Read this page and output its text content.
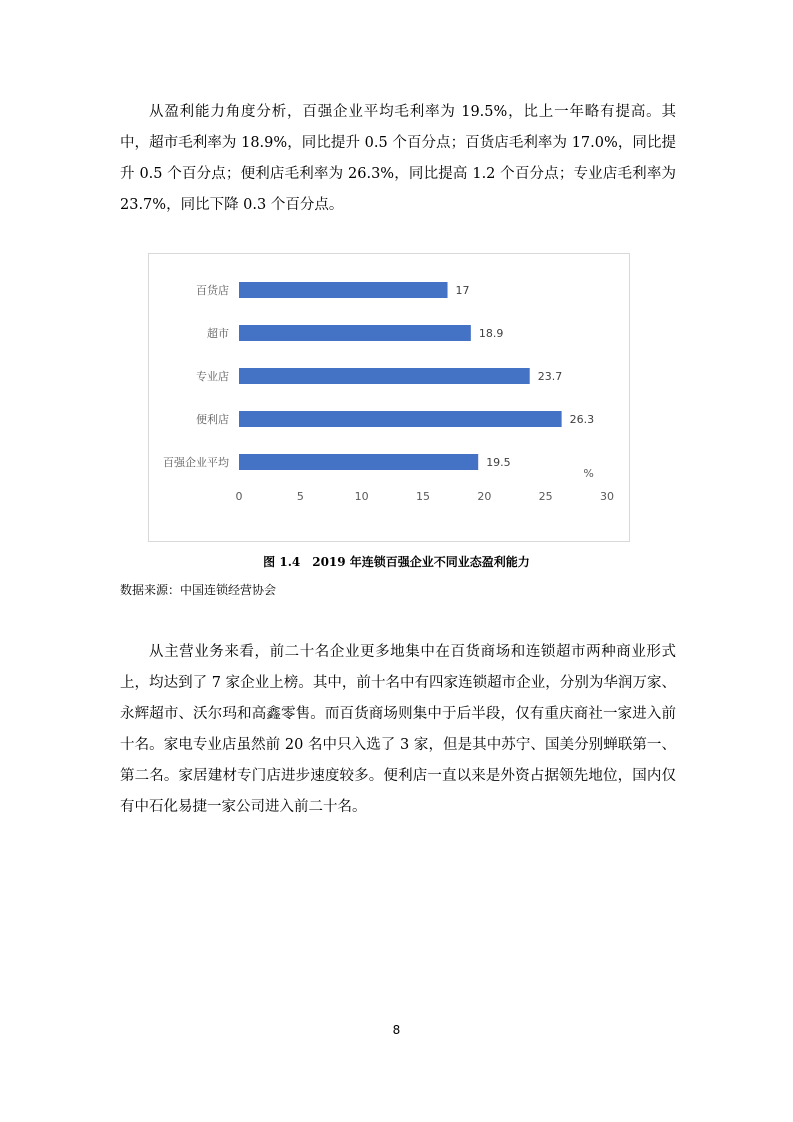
从盈利能力角度分析，百强企业平均毛利率为 19.5%，比上一年略有提高。其中，超市毛利率为 18.9%，同比提升 0.5 个百分点；百货店毛利率为 17.0%，同比提升 0.5 个百分点；便利店毛利率为 26.3%，同比提高 1.2 个百分点；专业店毛利率为 23.7%，同比下降 0.3 个百分点。

百货店	17
超市	18.9
专业店	23.7
便利店	26.3
百强企业平均	19.5
0	5	10	15	20	25	30
%
图 1.4　2019 年连锁百强企业不同业态盈利能力
数据来源：中国连锁经营协会

从主营业务来看，前二十名企业更多地集中在百货商场和连锁超市两种商业形式上，均达到了 7 家企业上榜。其中，前十名中有四家连锁超市企业，分别为华润万家、永辉超市、沃尔玛和高鑫零售。而百货商场则集中于后半段，仅有重庆商社一家进入前十名。家电专业店虽然前 20 名中只入选了 3 家，但是其中苏宁、国美分别蝉联第一、第二名。家居建材专门店进步速度较多。便利店一直以来是外资占据领先地位，国内仅有中石化易捷一家公司进入前二十名。

8
